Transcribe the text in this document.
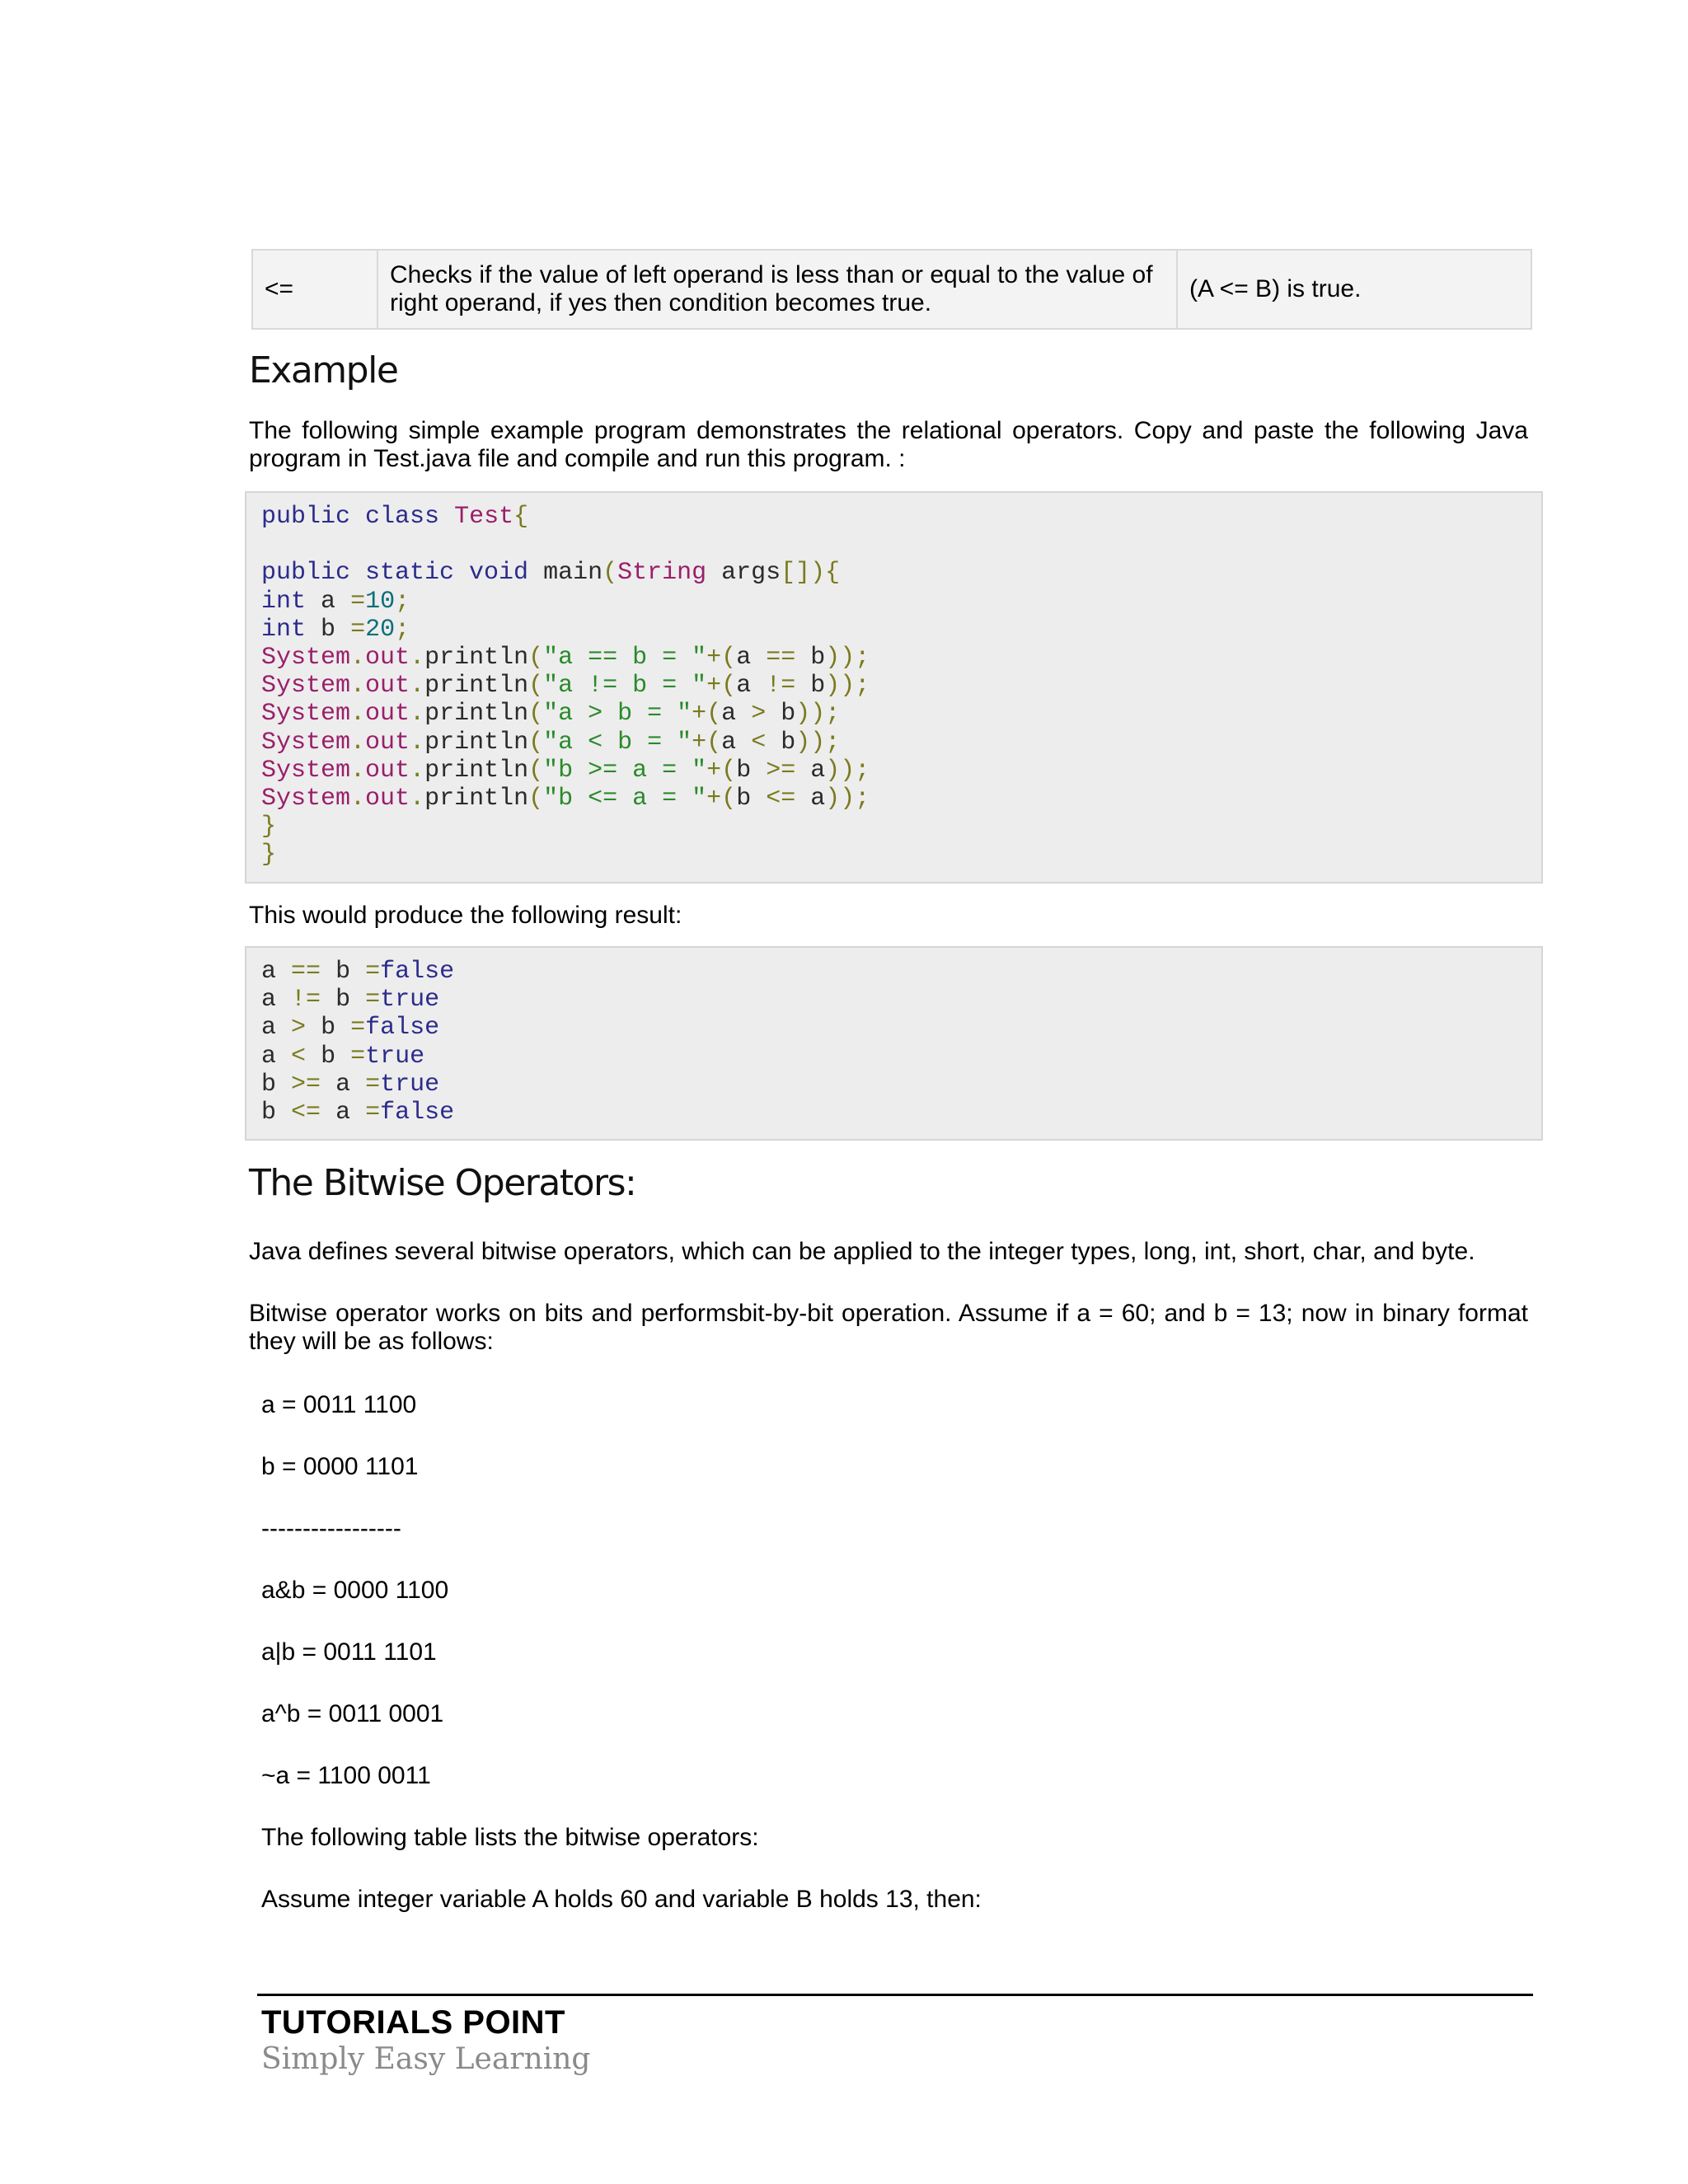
<=
Checks if the value of left operand is less than or equal to the value of right operand, if yes then condition becomes true.
(A <= B) is true.
Example
The following simple example program demonstrates the relational operators. Copy and paste the following Java program in Test.java file and compile and run this program. :
public class Test{
public static void main(String args[]){
int a =10;
int b =20;
System.out.println("a == b = "+(a == b));
System.out.println("a != b = "+(a != b));
System.out.println("a > b = "+(a > b));
System.out.println("a < b = "+(a < b));
System.out.println("b >= a = "+(b >= a));
System.out.println("b <= a = "+(b <= a));
}
}
This would produce the following result:
a == b =false
a != b =true
a > b =false
a < b =true
b >= a =true
b <= a =false
The Bitwise Operators:
Java defines several bitwise operators, which can be applied to the integer types, long, int, short, char, and byte.
Bitwise operator works on bits and performsbit-by-bit operation. Assume if a = 60; and b = 13; now in binary format they will be as follows:
a = 0011 1100
b = 0000 1101
-----------------
a&b = 0000 1100
a|b = 0011 1101
a^b = 0011 0001
~a = 1100 0011
The following table lists the bitwise operators:
Assume integer variable A holds 60 and variable B holds 13, then:
TUTORIALS POINT
Simply Easy Learning
